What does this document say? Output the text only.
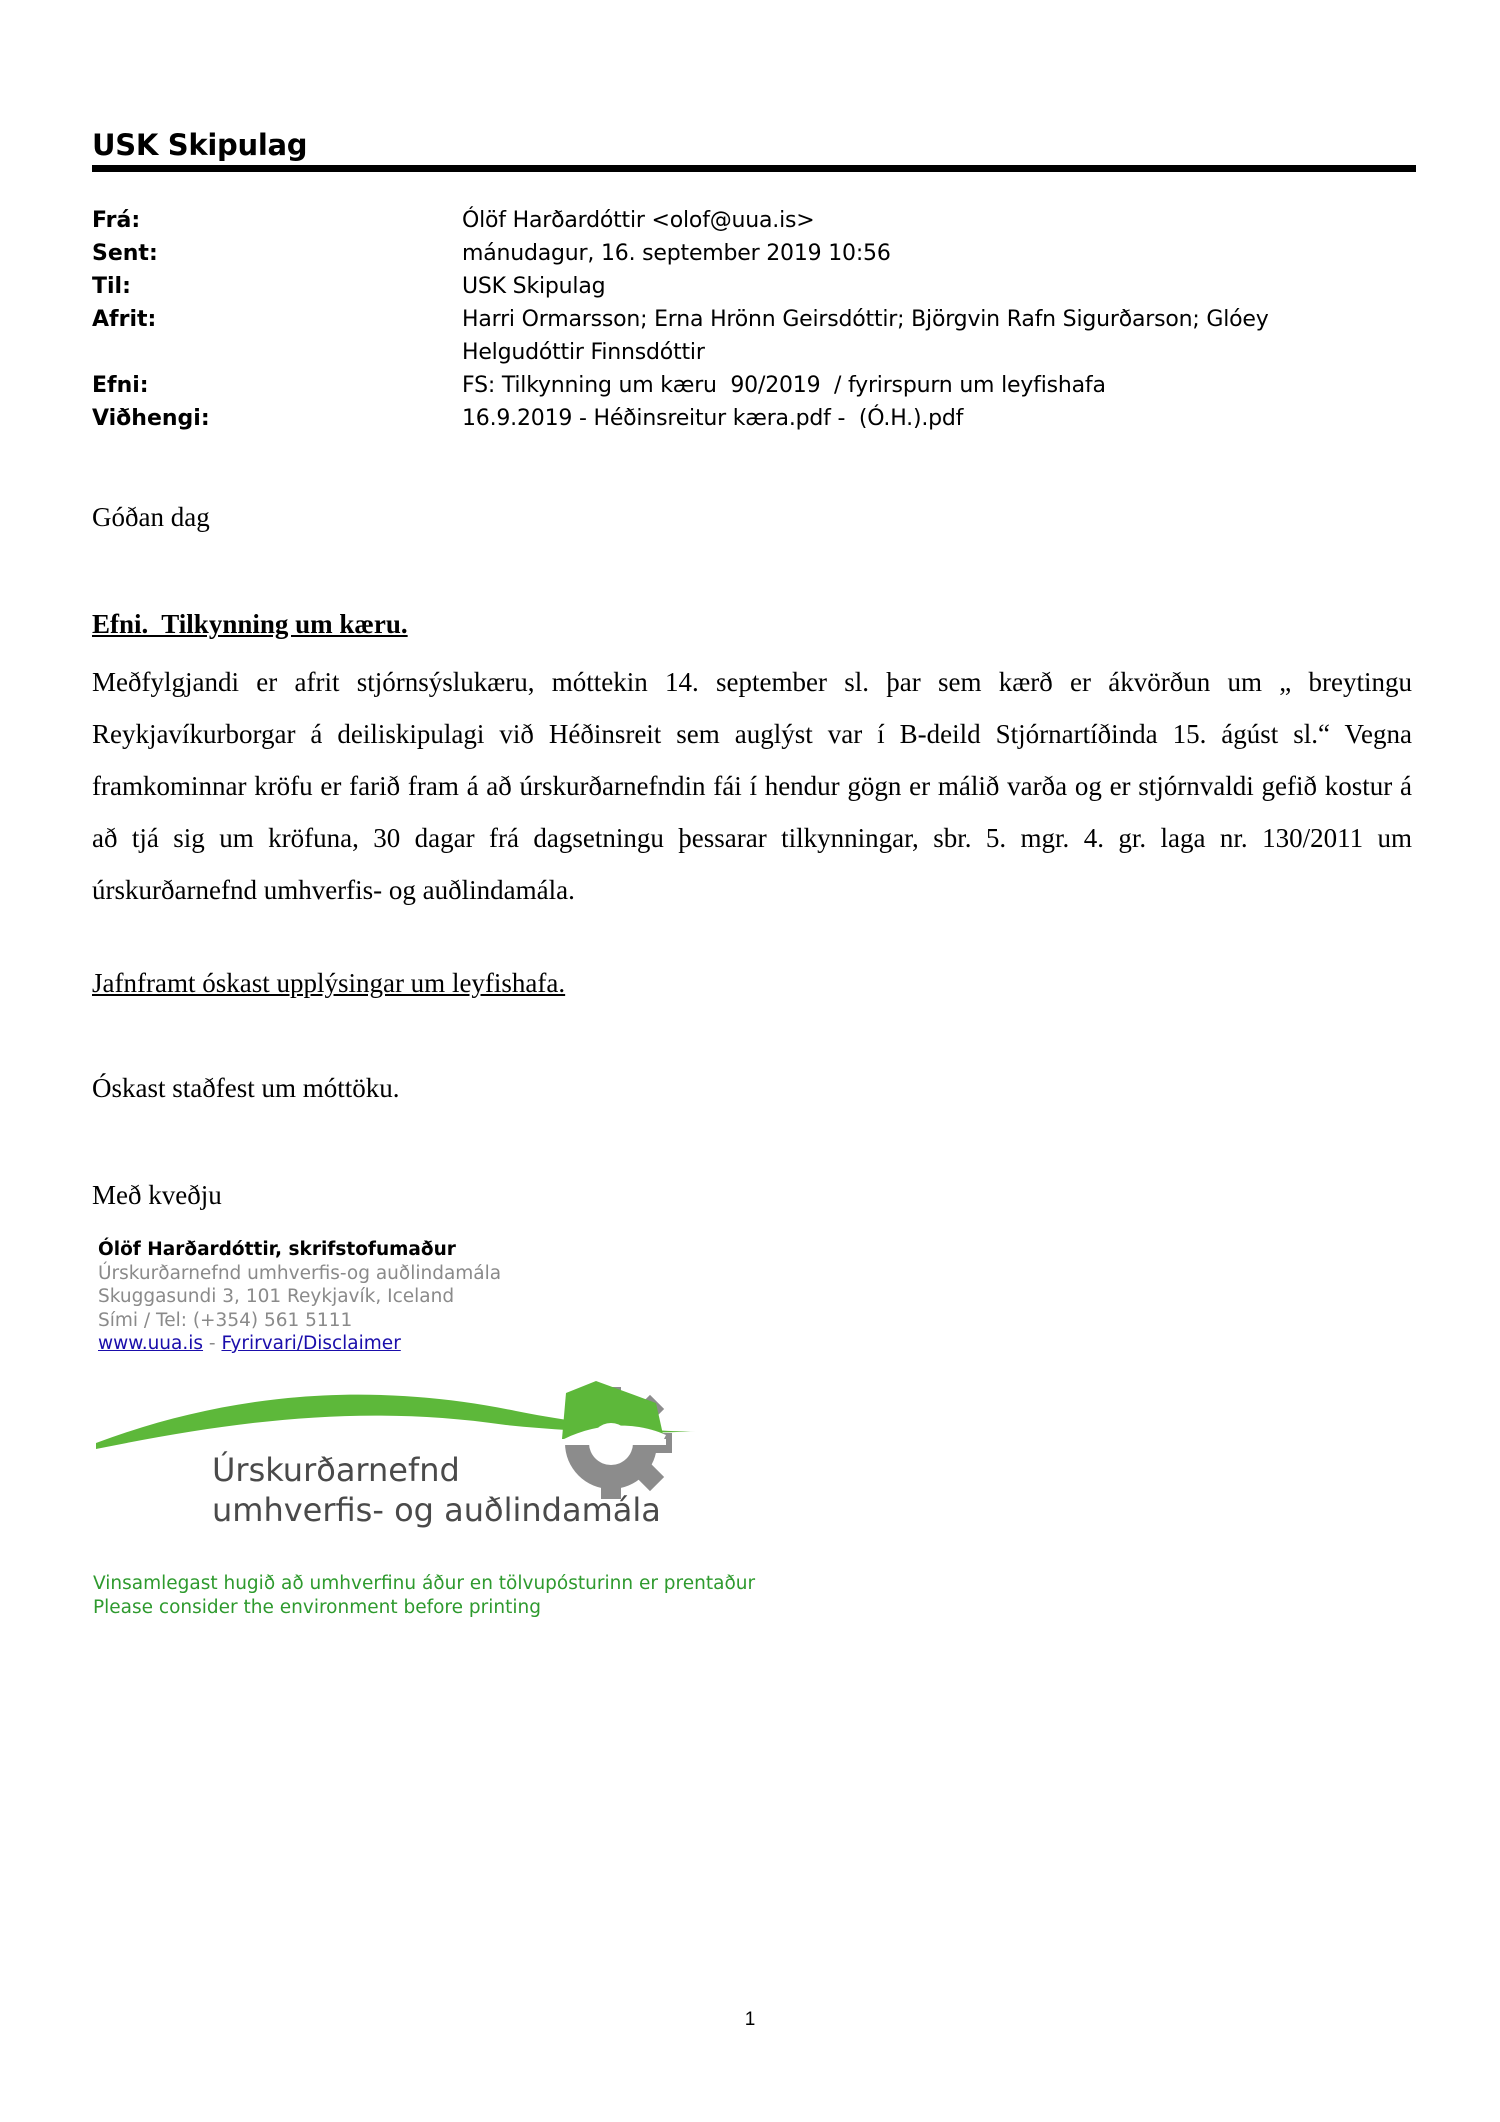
USK Skipulag
Frá:	Ólöf Harðardóttir <olof@uua.is>
Sent:	mánudagur, 16. september 2019 10:56
Til:	USK Skipulag
Afrit:	Harri Ormarsson; Erna Hrönn Geirsdóttir; Björgvin Rafn Sigurðarson; Glóey Helgudóttir Finnsdóttir
Efni:	FS: Tilkynning um kæru  90/2019  / fyrirspurn um leyfishafa
Viðhengi:	16.9.2019 - Héðinsreitur kæra.pdf -  (Ó.H.).pdf
Góðan dag
Efni.  Tilkynning um kæru.
Meðfylgjandi er afrit stjórnsýslukæru, móttekin 14. september sl. þar sem kærð er ákvörðun um „ breytingu Reykjavíkurborgar á deiliskipulagi við Héðinsreit sem auglýst var í B-deild Stjórnartíðinda 15. ágúst sl.“ Vegna framkominnar kröfu er farið fram á að úrskurðarnefndin fái í hendur gögn er málið varða og er stjórnvaldi gefið kostur á að tjá sig um kröfuna, 30 dagar frá dagsetningu þessarar tilkynningar, sbr. 5. mgr. 4. gr. laga nr. 130/2011 um úrskurðarnefnd umhverfis- og auðlindamála.
Jafnframt óskast upplýsingar um leyfishafa.
Óskast staðfest um móttöku.
Með kveðju
Ólöf Harðardóttir, skrifstofumaður
Úrskurðarnefnd umhverfis-og auðlindamála
Skuggasundi 3, 101 Reykjavík, Iceland
Sími / Tel: (+354) 561 5111
www.uua.is - Fyrirvari/Disclaimer
Úrskurðarnefnd
umhverfis- og auðlindamála
Vinsamlegast hugið að umhverfinu áður en tölvupósturinn er prentaður
Please consider the environment before printing
1
